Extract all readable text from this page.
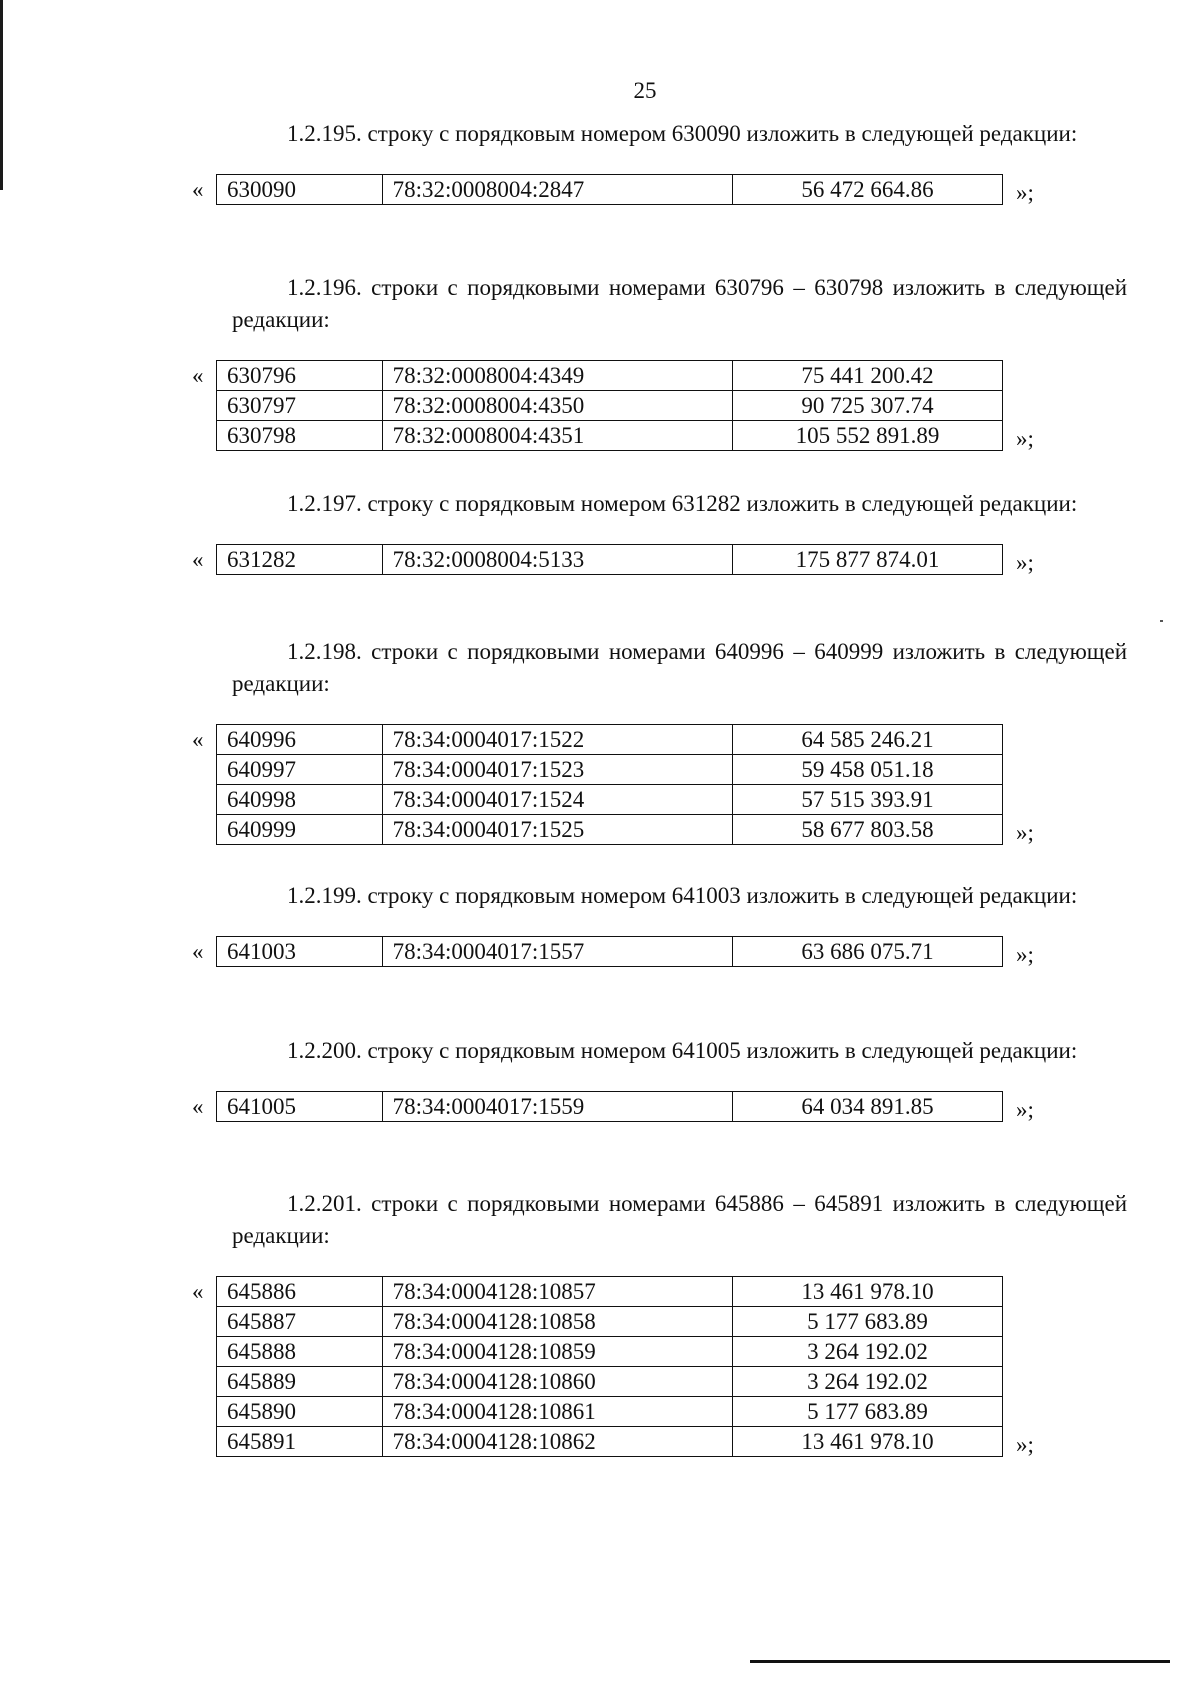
25

1.2.195. строку с порядковым номером 630090 изложить в следующей редакции:

« 630090	78:32:0008004:2847	56 472 664.86	»;

1.2.196. строки с порядковыми номерами 630796 – 630798 изложить в следующей редакции:

« 630796	78:32:0008004:4349	75 441 200.42
630797	78:32:0008004:4350	90 725 307.74
630798	78:32:0008004:4351	105 552 891.89	»;

1.2.197. строку с порядковым номером 631282 изложить в следующей редакции:

« 631282	78:32:0008004:5133	175 877 874.01	»;

1.2.198. строки с порядковыми номерами 640996 – 640999 изложить в следующей редакции:

« 640996	78:34:0004017:1522	64 585 246.21
640997	78:34:0004017:1523	59 458 051.18
640998	78:34:0004017:1524	57 515 393.91
640999	78:34:0004017:1525	58 677 803.58	»;

1.2.199. строку с порядковым номером 641003 изложить в следующей редакции:

« 641003	78:34:0004017:1557	63 686 075.71	»;

1.2.200. строку с порядковым номером 641005 изложить в следующей редакции:

« 641005	78:34:0004017:1559	64 034 891.85	»;

1.2.201. строки с порядковыми номерами 645886 – 645891 изложить в следующей редакции:

« 645886	78:34:0004128:10857	13 461 978.10
645887	78:34:0004128:10858	5 177 683.89
645888	78:34:0004128:10859	3 264 192.02
645889	78:34:0004128:10860	3 264 192.02
645890	78:34:0004128:10861	5 177 683.89
645891	78:34:0004128:10862	13 461 978.10	»;
